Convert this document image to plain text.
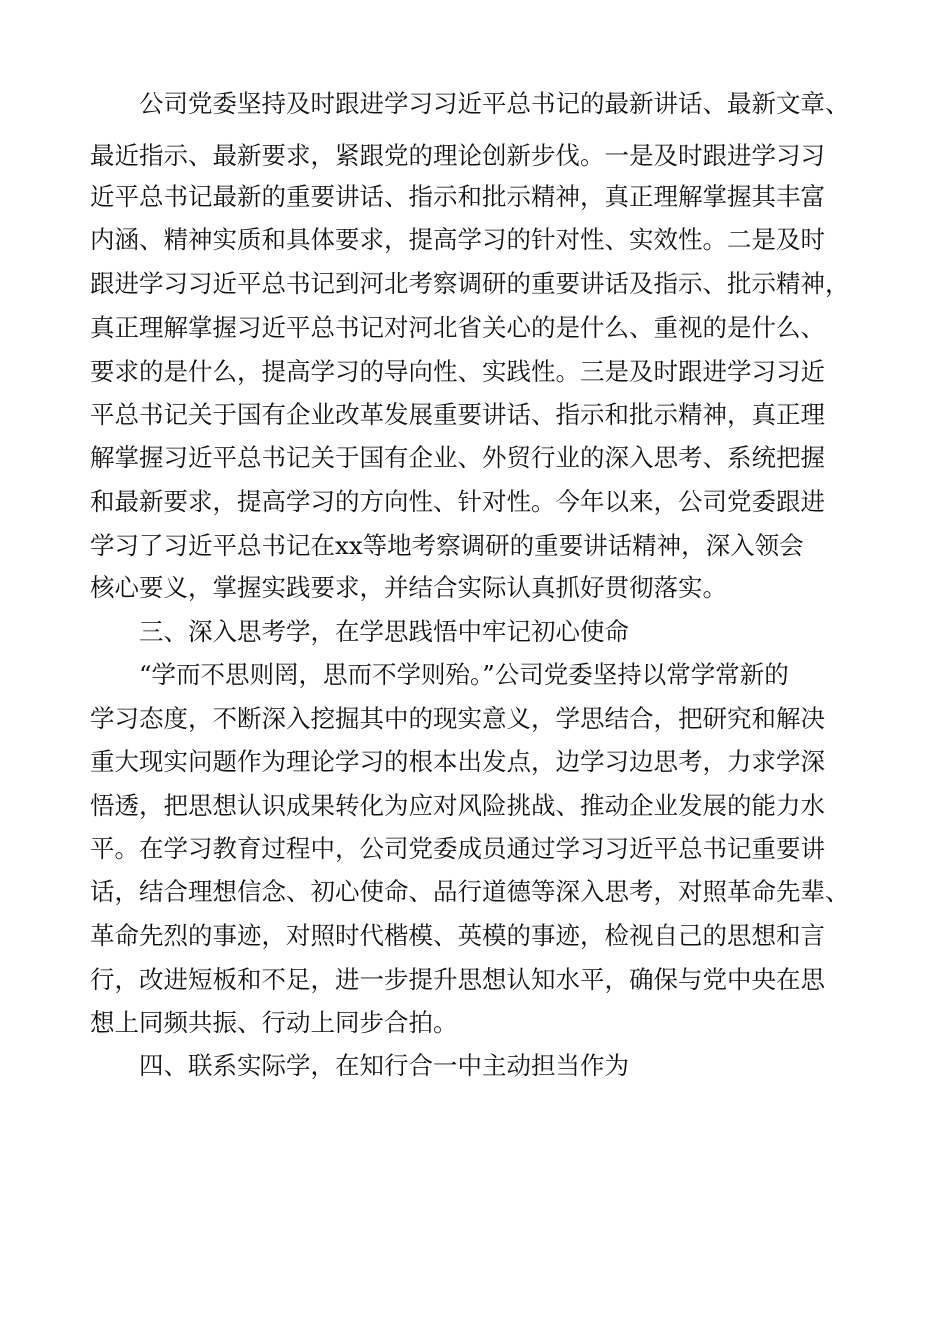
　　公司党委坚持及时跟进学习习近平总书记的最新讲话、最新文章、

最近指示、最新要求，紧跟党的理论创新步伐。一是及时跟进学习习

近平总书记最新的重要讲话、指示和批示精神，真正理解掌握其丰富

内涵、精神实质和具体要求，提高学习的针对性、实效性。二是及时

跟进学习习近平总书记到河北考察调研的重要讲话及指示、批示精神，

真正理解掌握习近平总书记对河北省关心的是什么、重视的是什么、

要求的是什么，提高学习的导向性、实践性。三是及时跟进学习习近

平总书记关于国有企业改革发展重要讲话、指示和批示精神，真正理

解掌握习近平总书记关于国有企业、外贸行业的深入思考、系统把握

和最新要求，提高学习的方向性、针对性。今年以来，公司党委跟进

学习了习近平总书记在xx等地考察调研的重要讲话精神，深入领会

核心要义，掌握实践要求，并结合实际认真抓好贯彻落实。

　　三、深入思考学，在学思践悟中牢记初心使命

　　“学而不思则罔，思而不学则殆。”公司党委坚持以常学常新的

学习态度，不断深入挖掘其中的现实意义，学思结合，把研究和解决

重大现实问题作为理论学习的根本出发点，边学习边思考，力求学深

悟透，把思想认识成果转化为应对风险挑战、推动企业发展的能力水

平。在学习教育过程中，公司党委成员通过学习习近平总书记重要讲

话，结合理想信念、初心使命、品行道德等深入思考，对照革命先辈、

革命先烈的事迹，对照时代楷模、英模的事迹，检视自己的思想和言

行，改进短板和不足，进一步提升思想认知水平，确保与党中央在思

想上同频共振、行动上同步合拍。

　　四、联系实际学，在知行合一中主动担当作为
